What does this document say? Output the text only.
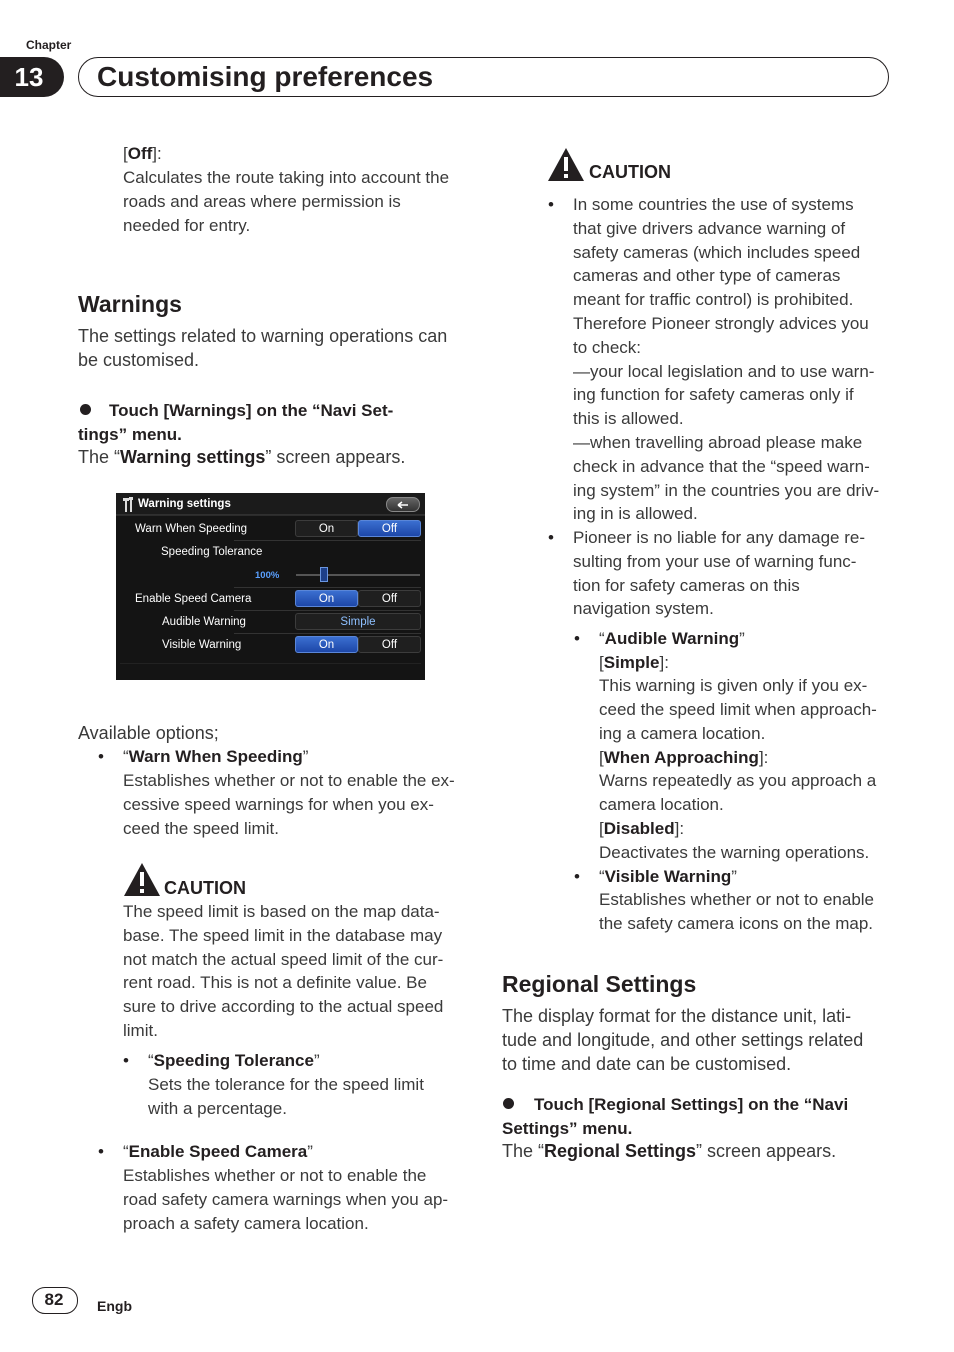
Chapter
13	Customising preferences
[Off]:
Calculates the route taking into account the
roads and areas where permission is
needed for entry.
Warnings
The settings related to warning operations can
be customised.
Touch [Warnings] on the “Navi Set-
tings” menu.
The “Warning settings” screen appears.
Warning settings
Warn When Speeding	On	Off
Speeding Tolerance
100%
Enable Speed Camera	On	Off
Audible Warning	Simple
Visible Warning	On	Off
Available options;
• “Warn When Speeding”
Establishes whether or not to enable the ex-
cessive speed warnings for when you ex-
ceed the speed limit.
CAUTION
The speed limit is based on the map data-
base. The speed limit in the database may
not match the actual speed limit of the cur-
rent road. This is not a definite value. Be
sure to drive according to the actual speed
limit.
• “Speeding Tolerance”
Sets the tolerance for the speed limit
with a percentage.
• “Enable Speed Camera”
Establishes whether or not to enable the
road safety camera warnings when you ap-
proach a safety camera location.
CAUTION
• In some countries the use of systems
that give drivers advance warning of
safety cameras (which includes speed
cameras and other type of cameras
meant for traffic control) is prohibited.
Therefore Pioneer strongly advices you
to check:
—your local legislation and to use warn-
ing function for safety cameras only if
this is allowed.
—when travelling abroad please make
check in advance that the “speed warn-
ing system” in the countries you are driv-
ing in is allowed.
• Pioneer is no liable for any damage re-
sulting from your use of warning func-
tion for safety cameras on this
navigation system.
• “Audible Warning”
[Simple]:
This warning is given only if you ex-
ceed the speed limit when approach-
ing a camera location.
[When Approaching]:
Warns repeatedly as you approach a
camera location.
[Disabled]:
Deactivates the warning operations.
• “Visible Warning”
Establishes whether or not to enable
the safety camera icons on the map.
Regional Settings
The display format for the distance unit, lati-
tude and longitude, and other settings related
to time and date can be customised.
Touch [Regional Settings] on the “Navi
Settings” menu.
The “Regional Settings” screen appears.
82	Engb
